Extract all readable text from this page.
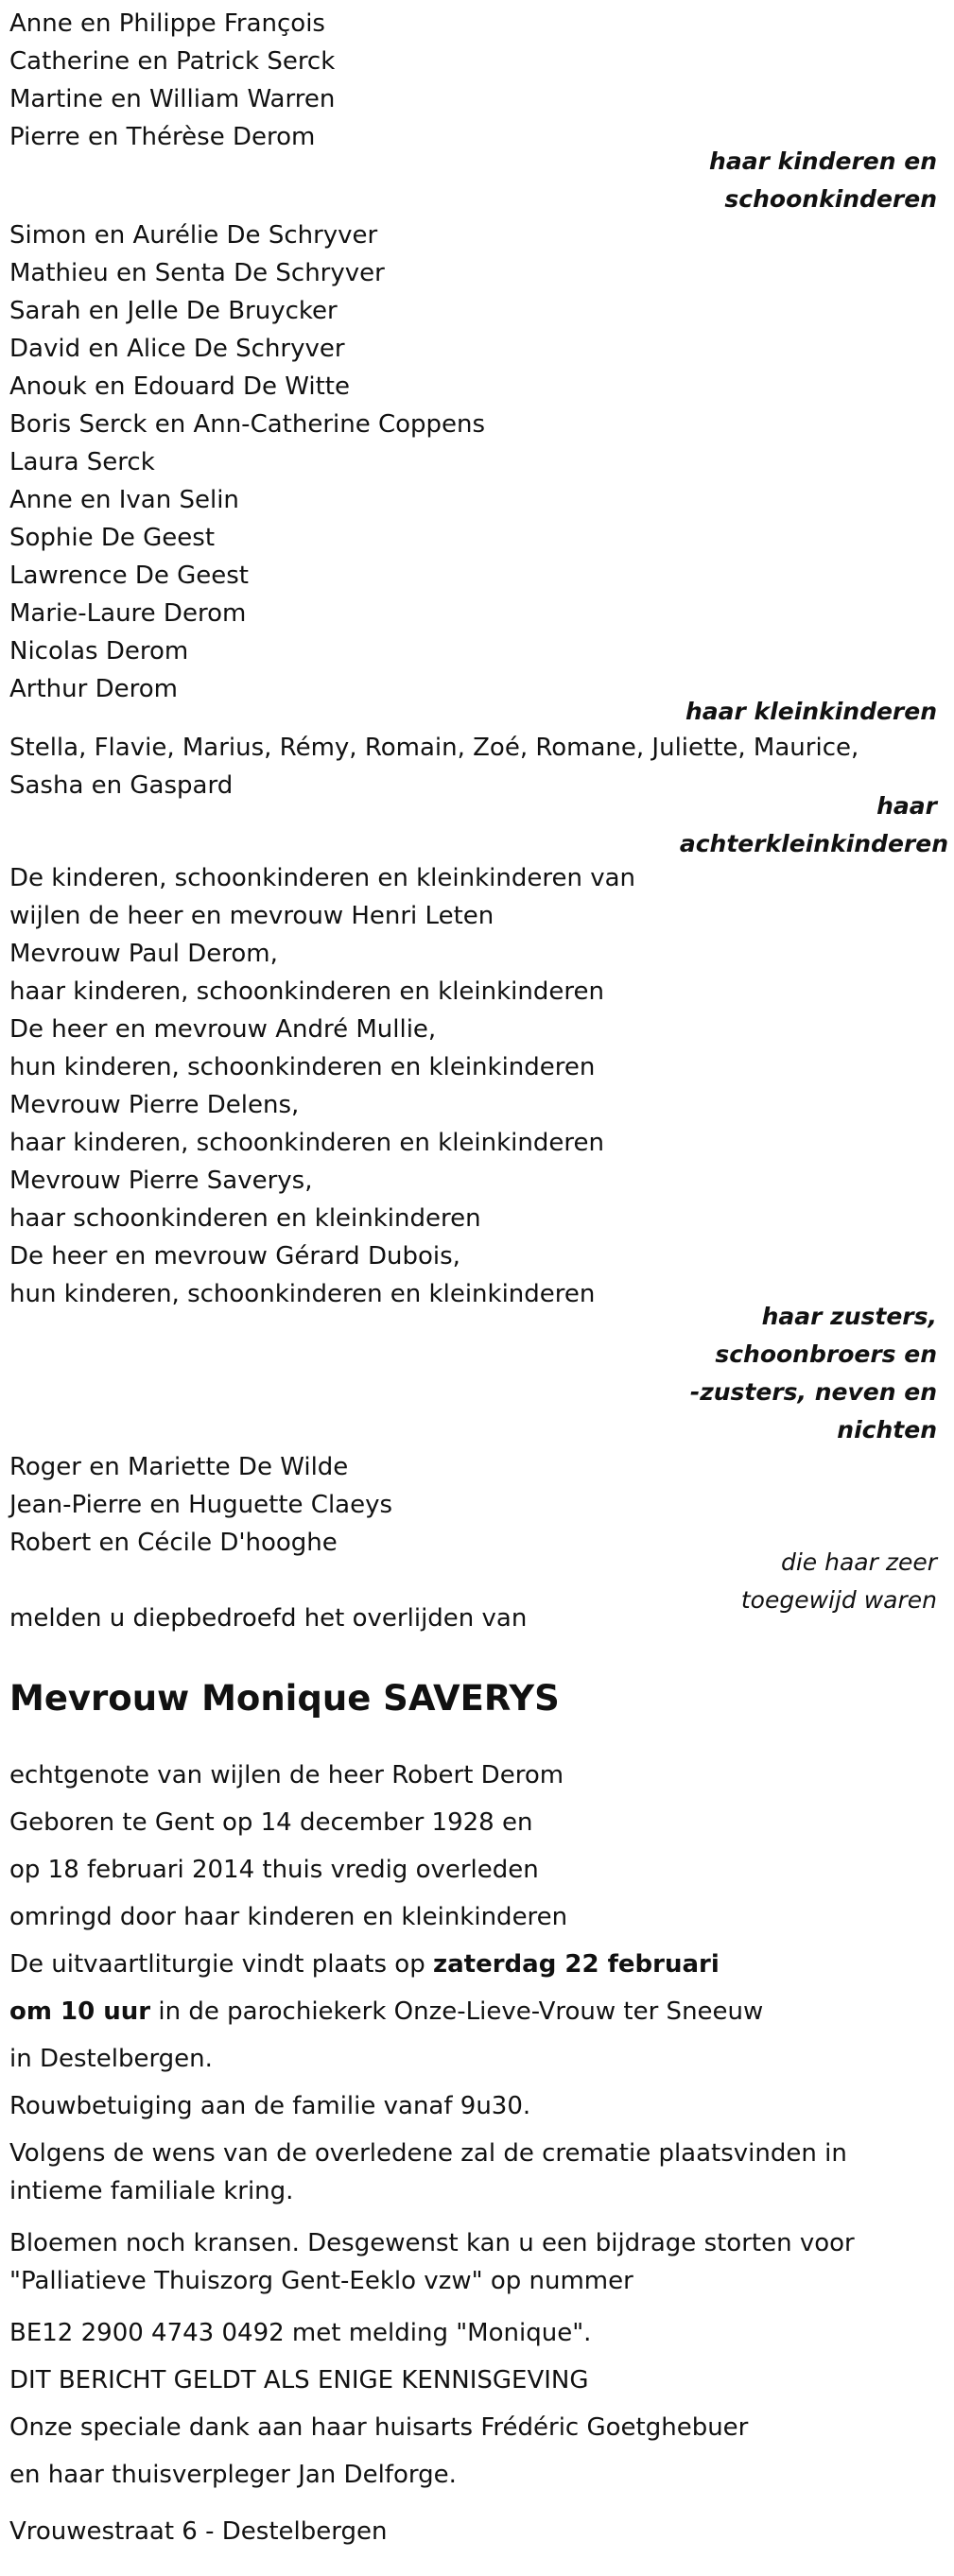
Anne en Philippe François
Catherine en Patrick Serck
Martine en William Warren
Pierre en Thérèse Derom
haar kinderen en
schoonkinderen
Simon en Aurélie De Schryver
Mathieu en Senta De Schryver
Sarah en Jelle De Bruycker
David en Alice De Schryver
Anouk en Edouard De Witte
Boris Serck en Ann-Catherine Coppens
Laura Serck
Anne en Ivan Selin
Sophie De Geest
Lawrence De Geest
Marie-Laure Derom
Nicolas Derom
Arthur Derom
haar kleinkinderen
Stella, Flavie, Marius, Rémy, Romain, Zoé, Romane, Juliette, Maurice,
Sasha en Gaspard
haar
achterkleinkinderen
De kinderen, schoonkinderen en kleinkinderen van
wijlen de heer en mevrouw Henri Leten
Mevrouw Paul Derom,
haar kinderen, schoonkinderen en kleinkinderen
De heer en mevrouw André Mullie,
hun kinderen, schoonkinderen en kleinkinderen
Mevrouw Pierre Delens,
haar kinderen, schoonkinderen en kleinkinderen
Mevrouw Pierre Saverys,
haar schoonkinderen en kleinkinderen
De heer en mevrouw Gérard Dubois,
hun kinderen, schoonkinderen en kleinkinderen
haar zusters,
schoonbroers en
-zusters, neven en
nichten
Roger en Mariette De Wilde
Jean-Pierre en Huguette Claeys
Robert en Cécile D'hooghe
die haar zeer
toegewijd waren
melden u diepbedroefd het overlijden van
Mevrouw Monique SAVERYS
echtgenote van wijlen de heer Robert Derom
Geboren te Gent op 14 december 1928 en
op 18 februari 2014 thuis vredig overleden
omringd door haar kinderen en kleinkinderen
De uitvaartliturgie vindt plaats op zaterdag 22 februari
om 10 uur in de parochiekerk Onze-Lieve-Vrouw ter Sneeuw
in Destelbergen.
Rouwbetuiging aan de familie vanaf 9u30.
Volgens de wens van de overledene zal de crematie plaatsvinden in
intieme familiale kring.
Bloemen noch kransen. Desgewenst kan u een bijdrage storten voor
"Palliatieve Thuiszorg Gent-Eeklo vzw" op nummer
BE12 2900 4743 0492 met melding "Monique".
DIT BERICHT GELDT ALS ENIGE KENNISGEVING
Onze speciale dank aan haar huisarts Frédéric Goetghebuer
en haar thuisverpleger Jan Delforge.
Vrouwestraat 6 - Destelbergen
